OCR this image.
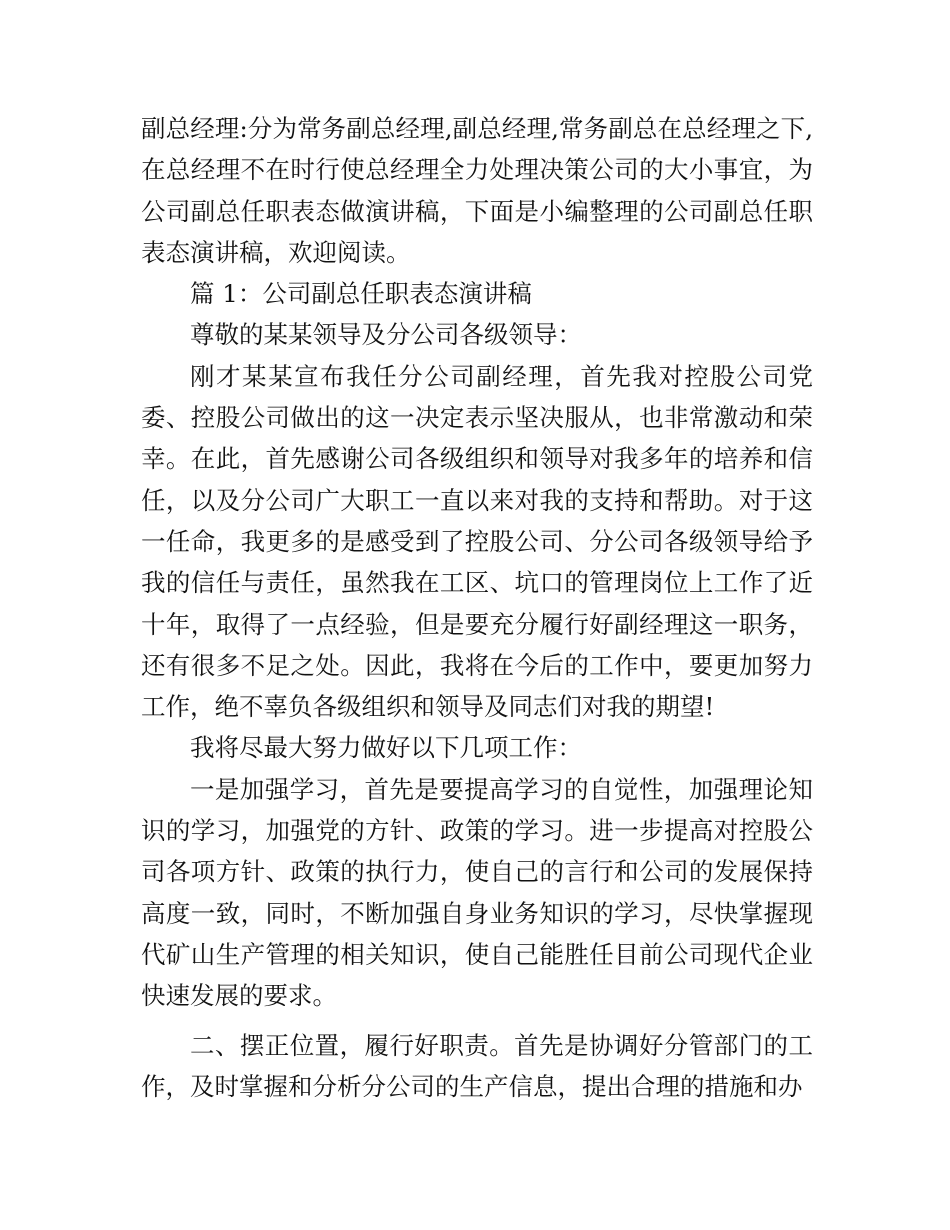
副总经理:分为常务副总经理,副总经理,常务副总在总经理之下,在总经理不在时行使总经理全力处理决策公司的大小事宜，为公司副总任职表态做演讲稿，下面是小编整理的公司副总任职表态演讲稿，欢迎阅读。

篇 1：公司副总任职表态演讲稿

尊敬的某某领导及分公司各级领导：

刚才某某宣布我任分公司副经理，首先我对控股公司党委、控股公司做出的这一决定表示坚决服从，也非常激动和荣幸。在此，首先感谢公司各级组织和领导对我多年的培养和信任，以及分公司广大职工一直以来对我的支持和帮助。对于这一任命，我更多的是感受到了控股公司、分公司各级领导给予我的信任与责任，虽然我在工区、坑口的管理岗位上工作了近十年，取得了一点经验，但是要充分履行好副经理这一职务，还有很多不足之处。因此，我将在今后的工作中，要更加努力工作，绝不辜负各级组织和领导及同志们对我的期望!

我将尽最大努力做好以下几项工作：

一是加强学习，首先是要提高学习的自觉性，加强理论知识的学习，加强党的方针、政策的学习。进一步提高对控股公司各项方针、政策的执行力，使自己的言行和公司的发展保持高度一致，同时，不断加强自身业务知识的学习，尽快掌握现代矿山生产管理的相关知识，使自己能胜任目前公司现代企业快速发展的要求。

二、摆正位置，履行好职责。首先是协调好分管部门的工作，及时掌握和分析分公司的生产信息，提出合理的措施和办
